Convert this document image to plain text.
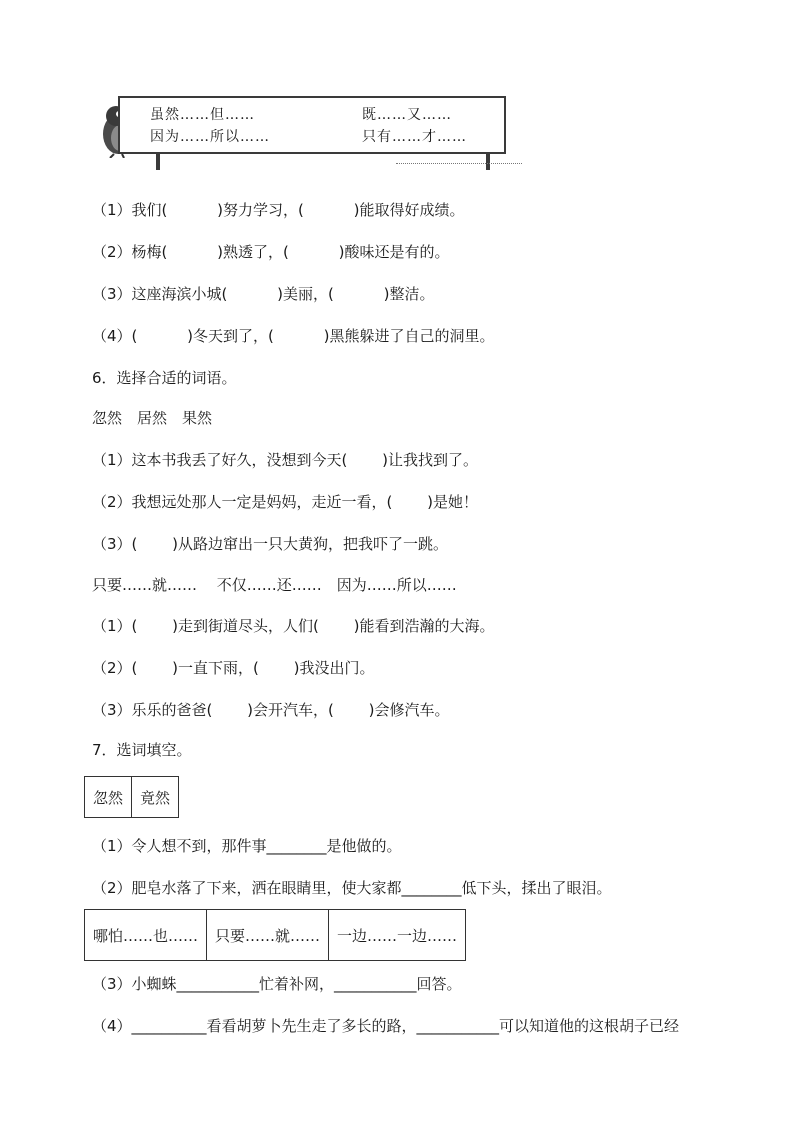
虽然……但……	既……又……
因为……所以……	只有……才……
（1）我们(　　　 )努力学习，(　　　 )能取得好成绩。
（2）杨梅(　　　 )熟透了，(　　　 )酸味还是有的。
（3）这座海滨小城(　　　 )美丽，(　　　 )整洁。
（4）(　　　 )冬天到了，(　　　 )黑熊躲进了自己的洞里。
6．选择合适的词语。
忽然　居然　果然
（1）这本书我丢了好久，没想到今天(　　 )让我找到了。
（2）我想远处那人一定是妈妈，走近一看，(　　 )是她！
（3）(　　 )从路边窜出一只大黄狗，把我吓了一跳。
只要……就……　 不仅……还……　因为……所以……
（1）(　　 )走到街道尽头，人们(　　 )能看到浩瀚的大海。
（2）(　　 )一直下雨，(　　 )我没出门。
（3）乐乐的爸爸(　　 )会开汽车，(　　 )会修汽车。
7．选词填空。
忽然	竟然
（1）令人想不到，那件事________是他做的。
（2）肥皂水落了下来，洒在眼睛里，使大家都________低下头，揉出了眼泪。
哪怕……也……	只要……就……	一边……一边……
（3）小蜘蛛___________忙着补网，___________回答。
（4）__________看看胡萝卜先生走了多长的路，___________可以知道他的这根胡子已经
